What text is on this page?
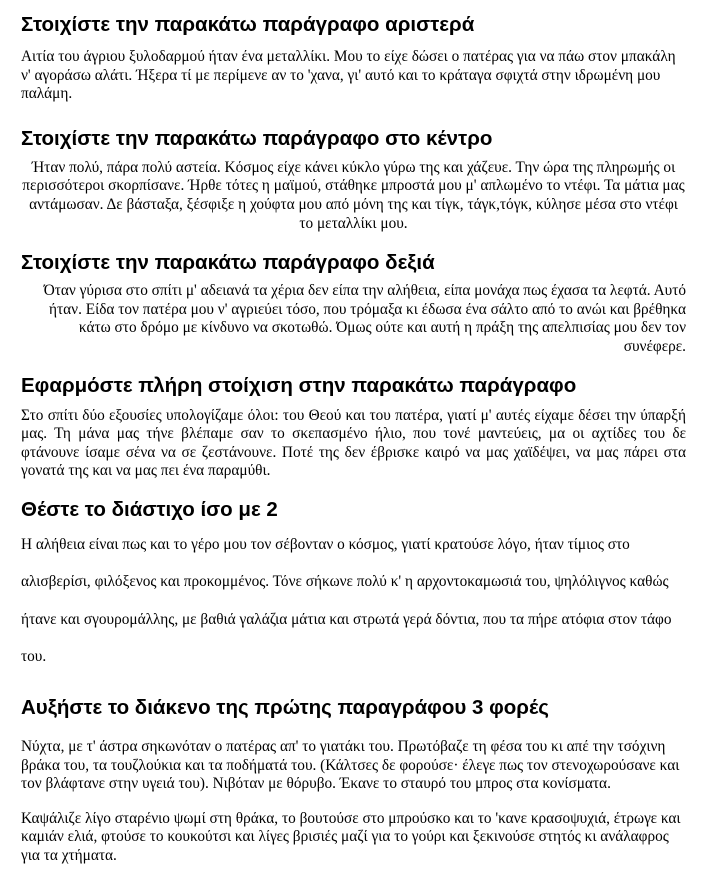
Στοιχίστε την παρακάτω παράγραφο αριστερά

Αιτία του άγριου ξυλοδαρμού ήταν ένα μεταλλίκι. Μου το είχε δώσει ο πατέρας για να πάω στον μπακάλη ν' αγοράσω αλάτι. Ήξερα τί με περίμενε αν το 'χανα, γι' αυτό και το κράταγα σφιχτά στην ιδρωμένη μου παλάμη.

Στοιχίστε την παρακάτω παράγραφο στο κέντρο

Ήταν πολύ, πάρα πολύ αστεία. Κόσμος είχε κάνει κύκλο γύρω της και χάζευε. Την ώρα της πληρωμής οι περισσότεροι σκορπίσανε. Ήρθε τότες η μαϊμού, στάθηκε μπροστά μου μ' απλωμένο το ντέφι. Τα μάτια μας αντάμωσαν. Δε βάσταξα, ξέσφιξε η χούφτα μου από μόνη της και τίγκ, τάγκ,τόγκ, κύλησε μέσα στο ντέφι το μεταλλίκι μου.

Στοιχίστε την παρακάτω παράγραφο δεξιά

Όταν γύρισα στο σπίτι μ' αδειανά τα χέρια δεν είπα την αλήθεια, είπα μονάχα πως έχασα τα λεφτά. Αυτό ήταν. Είδα τον πατέρα μου ν' αγριεύει τόσο, που τρόμαξα κι έδωσα ένα σάλτο από το ανώι και βρέθηκα κάτω στο δρόμο με κίνδυνο να σκοτωθώ. Όμως ούτε και αυτή η πράξη της απελπισίας μου δεν τον συνέφερε.

Εφαρμόστε πλήρη στοίχιση στην παρακάτω παράγραφο

Στο σπίτι δύο εξουσίες υπολογίζαμε όλοι: του Θεού και του πατέρα, γιατί μ' αυτές είχαμε δέσει την ύπαρξή μας. Τη μάνα μας τήνε βλέπαμε σαν το σκεπασμένο ήλιο, που τονέ μαντεύεις, μα οι αχτίδες του δε φτάνουνε ίσαμε σένα να σε ζεστάνουνε. Ποτέ της δεν έβρισκε καιρό να μας χαϊδέψει, να μας πάρει στα γονατά της και να μας πει ένα παραμύθι.

Θέστε το διάστιχο ίσο με 2

Η αλήθεια είναι πως και το γέρο μου τον σέβονταν ο κόσμος, γιατί κρατούσε λόγο, ήταν τίμιος στο αλισβερίσι, φιλόξενος και προκομμένος. Τόνε σήκωνε πολύ κ' η αρχοντοκαμωσιά του, ψηλόλιγνος καθώς ήτανε και σγουρομάλλης, με βαθιά γαλάζια μάτια και στρωτά γερά δόντια, που τα πήρε ατόφια στον τάφο του.

Αυξήστε το διάκενο της πρώτης παραγράφου 3 φορές

Νύχτα, με τ' άστρα σηκωνόταν ο πατέρας απ' το γιατάκι του. Πρωτόβαζε τη φέσα του κι απέ την τσόχινη βράκα του, τα τουζλούκια και τα ποδήματά του. (Κάλτσες δε φορούσε· έλεγε πως τον στενοχωρούσανε και τον βλάφτανε στην υγειά του). Νιβόταν με θόρυβο. Έκανε το σταυρό του μπρος στα κονίσματα.

Καψάλιζε λίγο σταρένιο ψωμί στη θράκα, το βουτούσε στο μπρούσκο και το 'κανε κρασοψυχιά, έτρωγε και καμιάν ελιά, φτούσε το κουκούτσι και λίγες βρισιές μαζί για το γούρι και ξεκινούσε στητός κι ανάλαφρος για τα χτήματα.
